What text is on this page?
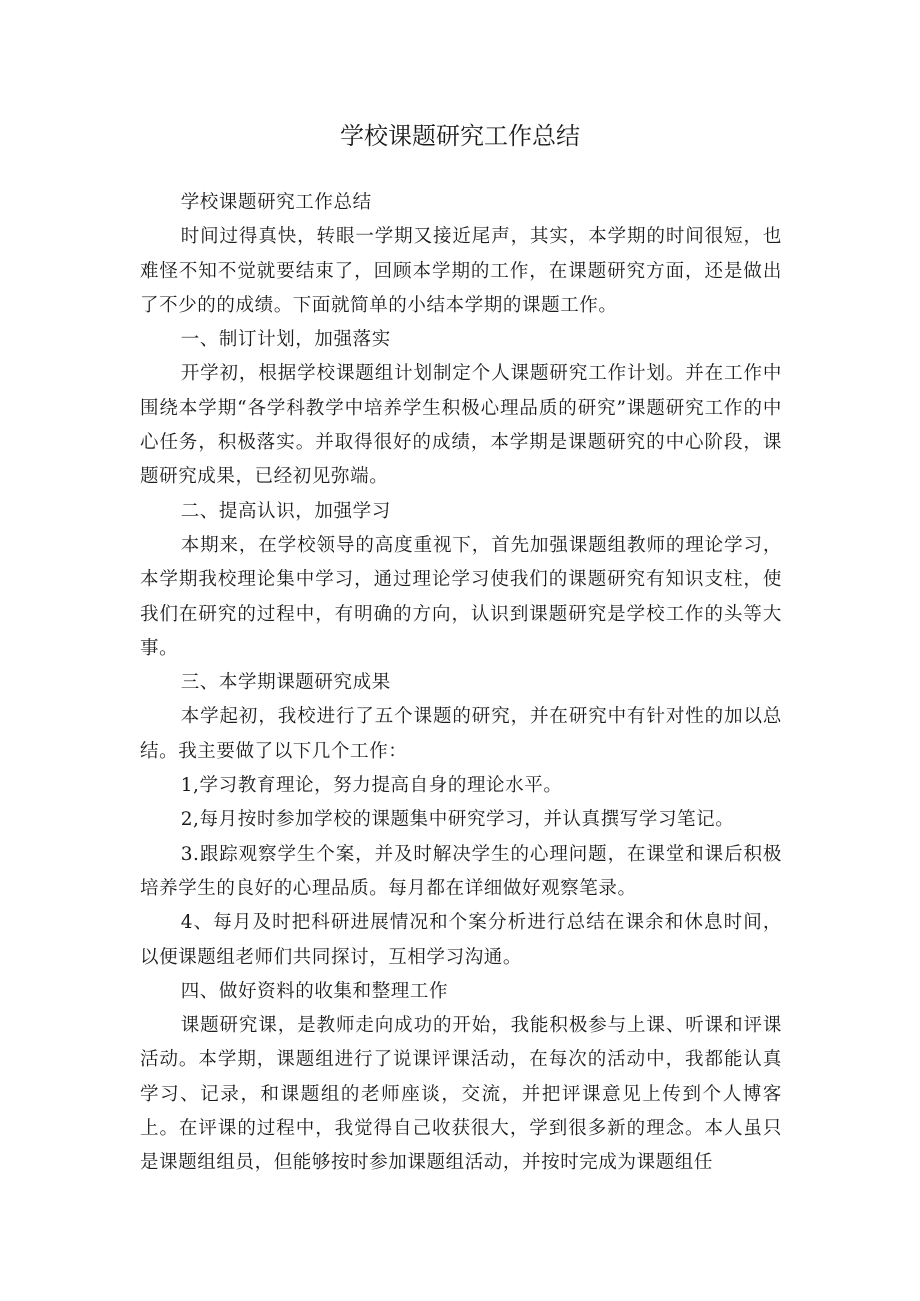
学校课题研究工作总结

学校课题研究工作总结

时间过得真快，转眼一学期又接近尾声，其实，本学期的时间很短，也难怪不知不觉就要结束了，回顾本学期的工作，在课题研究方面，还是做出了不少的的成绩。下面就简单的小结本学期的课题工作。

一、制订计划，加强落实

开学初，根据学校课题组计划制定个人课题研究工作计划。并在工作中围绕本学期“各学科教学中培养学生积极心理品质的研究”课题研究工作的中心任务，积极落实。并取得很好的成绩，本学期是课题研究的中心阶段，课题研究成果，已经初见弥端。

二、提高认识，加强学习

本期来，在学校领导的高度重视下，首先加强课题组教师的理论学习，本学期我校理论集中学习，通过理论学习使我们的课题研究有知识支柱，使我们在研究的过程中，有明确的方向，认识到课题研究是学校工作的头等大事。

三、本学期课题研究成果

本学起初，我校进行了五个课题的研究，并在研究中有针对性的加以总结。我主要做了以下几个工作：

1,学习教育理论，努力提高自身的理论水平。

2,每月按时参加学校的课题集中研究学习，并认真撰写学习笔记。

3.跟踪观察学生个案，并及时解决学生的心理问题，在课堂和课后积极培养学生的良好的心理品质。每月都在详细做好观察笔录。

4、每月及时把科研进展情况和个案分析进行总结在课余和休息时间，以便课题组老师们共同探讨，互相学习沟通。

四、做好资料的收集和整理工作

课题研究课，是教师走向成功的开始，我能积极参与上课、听课和评课活动。本学期，课题组进行了说课评课活动，在每次的活动中，我都能认真学习、记录，和课题组的老师座谈，交流，并把评课意见上传到个人博客上。在评课的过程中，我觉得自己收获很大，学到很多新的理念。本人虽只是课题组组员，但能够按时参加课题组活动，并按时完成为课题组任
